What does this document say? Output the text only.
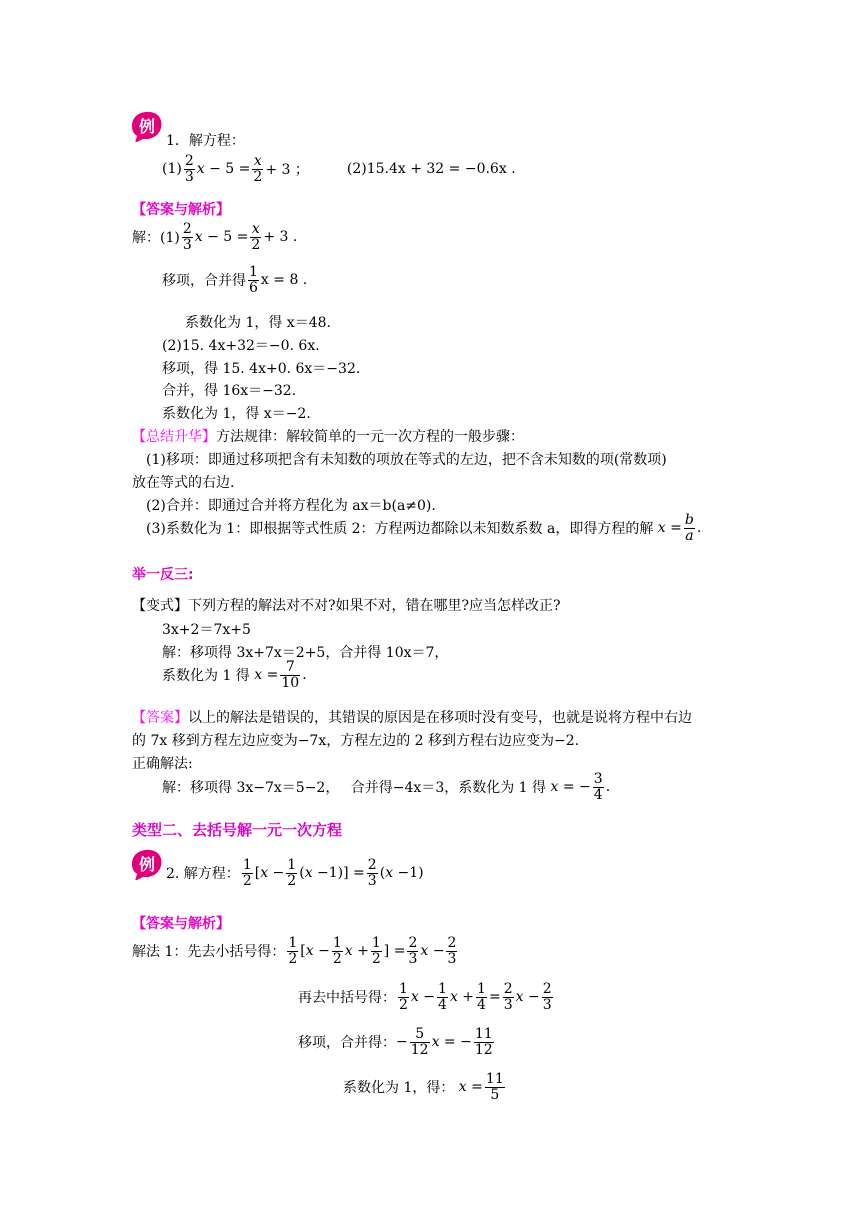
例
1．解方程：
(1)
2
3 $x - 5 = \frac{x}{2} + 3$ ；	(2) 15.4x + 32 = −0.6x .
【答案与解析】
解：(1)
2
3 $x - 5 = \frac{x}{2} + 3$ .
移项，合并得
1
6 x = 8 .
系数化为 1，得 x＝48.
(2)15. 4x+32＝−0. 6x.
移项，得 15. 4x+0. 6x＝−32.
合并，得 16x＝−32.
系数化为 1，得 x＝−2.
【总结升华】方法规律：解较简单的一元一次方程的一般步骤：
(1)移项：即通过移项把含有未知数的项放在等式的左边，把不含未知数的项(常数项)
放在等式的右边.
(2)合并：即通过合并将方程化为 ax＝b(a≠0).
(3)系数化为 1：即根据等式性质 2：方程两边都除以未知数系数 a，即得方程的解 $x = \frac{b}{a}$ .
举一反三:
【变式】下列方程的解法对不对?如果不对，错在哪里?应当怎样改正?
3x+2＝7x+5
解：移项得 3x+7x＝2+5，合并得 10x＝7，
系数化为 1 得 $x = \frac{7}{10}$ .
【答案】以上的解法是错误的，其错误的原因是在移项时没有变号，也就是说将方程中右边
的 7x 移到方程左边应变为−7x，方程左边的 2 移到方程右边应变为−2.
正确解法:
解：移项得 3x−7x＝5−2，　 合并得−4x＝3，系数化为 1 得 x = − $\frac{3}{4}$ .
类型二、去括号解一元一次方程
例
2. 解方程：
1
2 $[x - \frac{1}{2} (x -1)] = \frac{2}{3} (x -1)$
【答案与解析】
解法 1：先去小括号得：
1
2 [$x - \frac{1}{2}$ $x + \frac{1}{2}$ ] = $\frac{2}{3}$ $x - \frac{2}{3}$
再去中括号得：
1
2 $x - \frac{1}{4}$ $x + \frac{1}{4} = \frac{2}{3}$ $x - \frac{2}{3}$
移项，合并得： − $\frac{5}{12}$ x = − $\frac{11}{12}$
系数化为 1，得： $x = \frac{11}{5}$
